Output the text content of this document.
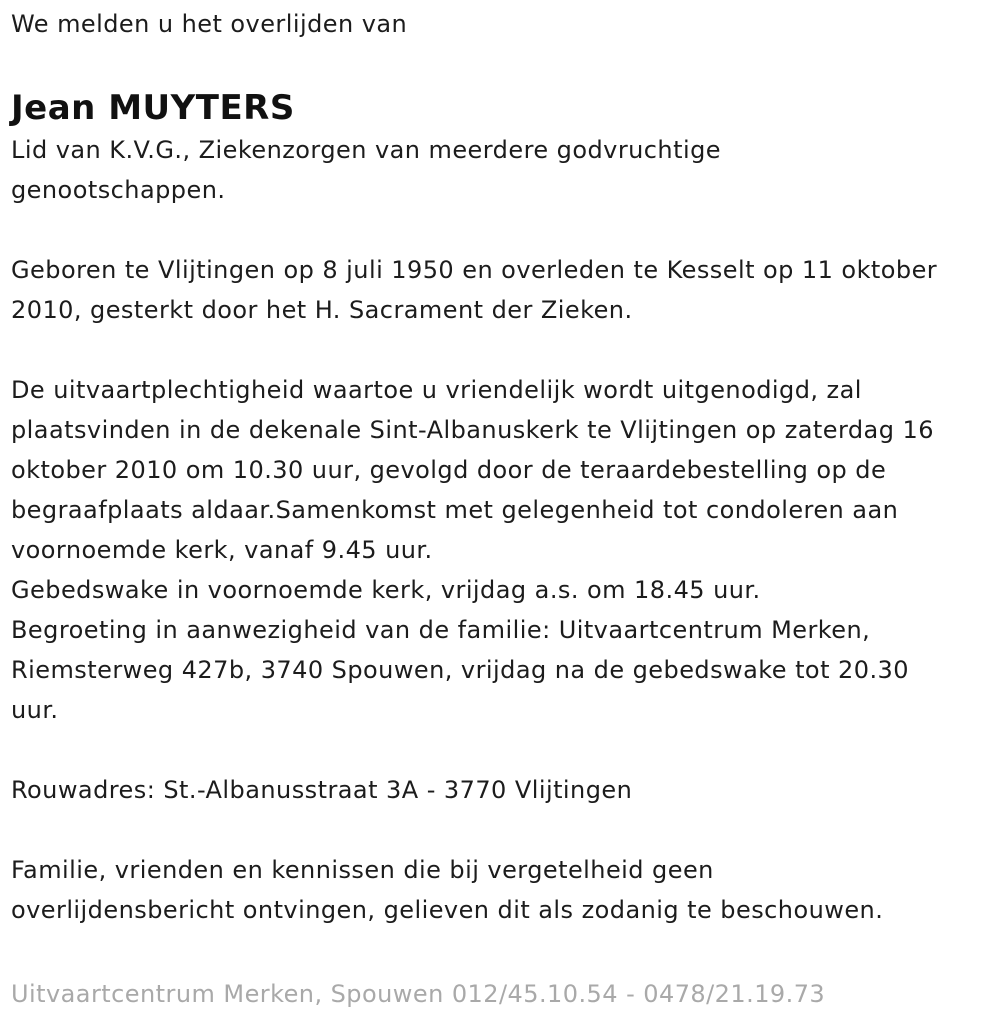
We melden u het overlijden van

Jean MUYTERS

Lid van K.V.G., Ziekenzorgen van meerdere godvruchtige

genootschappen.

Geboren te Vlijtingen op 8 juli 1950 en overleden te Kesselt op 11 oktober

2010, gesterkt door het H. Sacrament der Zieken.

De uitvaartplechtigheid waartoe u vriendelijk wordt uitgenodigd, zal

plaatsvinden in de dekenale Sint-Albanuskerk te Vlijtingen op zaterdag 16

oktober 2010 om 10.30 uur, gevolgd door de teraardebestelling op de

begraafplaats aldaar.Samenkomst met gelegenheid tot condoleren aan

voornoemde kerk, vanaf 9.45 uur.

Gebedswake in voornoemde kerk, vrijdag a.s. om 18.45 uur.

Begroeting in aanwezigheid van de familie: Uitvaartcentrum Merken,

Riemsterweg 427b, 3740 Spouwen, vrijdag na de gebedswake tot 20.30

uur.

Rouwadres: St.-Albanusstraat 3A - 3770 Vlijtingen

Familie, vrienden en kennissen die bij vergetelheid geen

overlijdensbericht ontvingen, gelieven dit als zodanig te beschouwen.

Uitvaartcentrum Merken, Spouwen 012/45.10.54 - 0478/21.19.73
